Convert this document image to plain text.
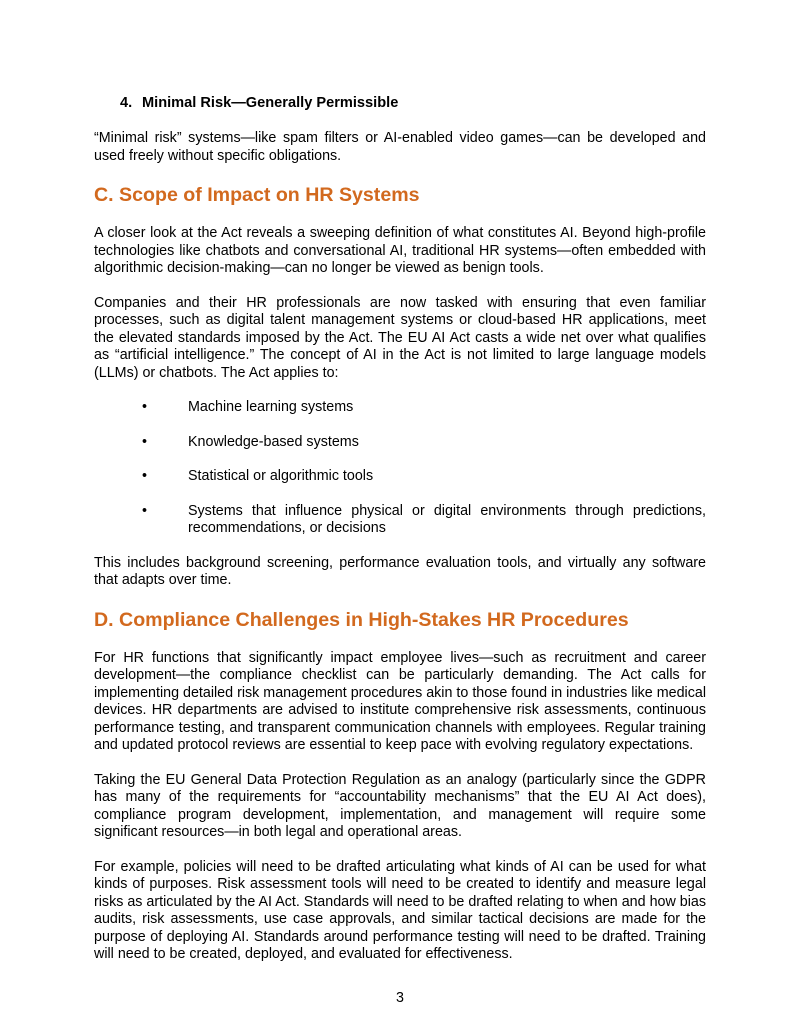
4. Minimal Risk—Generally Permissible

“Minimal risk” systems—like spam filters or AI-enabled video games—can be developed and used freely without specific obligations.

C. Scope of Impact on HR Systems

A closer look at the Act reveals a sweeping definition of what constitutes AI. Beyond high-profile technologies like chatbots and conversational AI, traditional HR systems—often embedded with algorithmic decision-making—can no longer be viewed as benign tools.

Companies and their HR professionals are now tasked with ensuring that even familiar processes, such as digital talent management systems or cloud-based HR applications, meet the elevated standards imposed by the Act. The EU AI Act casts a wide net over what qualifies as “artificial intelligence.” The concept of AI in the Act is not limited to large language models (LLMs) or chatbots. The Act applies to:

•	Machine learning systems
•	Knowledge-based systems
•	Statistical or algorithmic tools
•	Systems that influence physical or digital environments through predictions, recommendations, or decisions

This includes background screening, performance evaluation tools, and virtually any software that adapts over time.

D. Compliance Challenges in High-Stakes HR Procedures

For HR functions that significantly impact employee lives—such as recruitment and career development—the compliance checklist can be particularly demanding. The Act calls for implementing detailed risk management procedures akin to those found in industries like medical devices. HR departments are advised to institute comprehensive risk assessments, continuous performance testing, and transparent communication channels with employees. Regular training and updated protocol reviews are essential to keep pace with evolving regulatory expectations.

Taking the EU General Data Protection Regulation as an analogy (particularly since the GDPR has many of the requirements for “accountability mechanisms” that the EU AI Act does), compliance program development, implementation, and management will require some significant resources—in both legal and operational areas.

For example, policies will need to be drafted articulating what kinds of AI can be used for what kinds of purposes. Risk assessment tools will need to be created to identify and measure legal risks as articulated by the AI Act. Standards will need to be drafted relating to when and how bias audits, risk assessments, use case approvals, and similar tactical decisions are made for the purpose of deploying AI. Standards around performance testing will need to be drafted. Training will need to be created, deployed, and evaluated for effectiveness.

3
